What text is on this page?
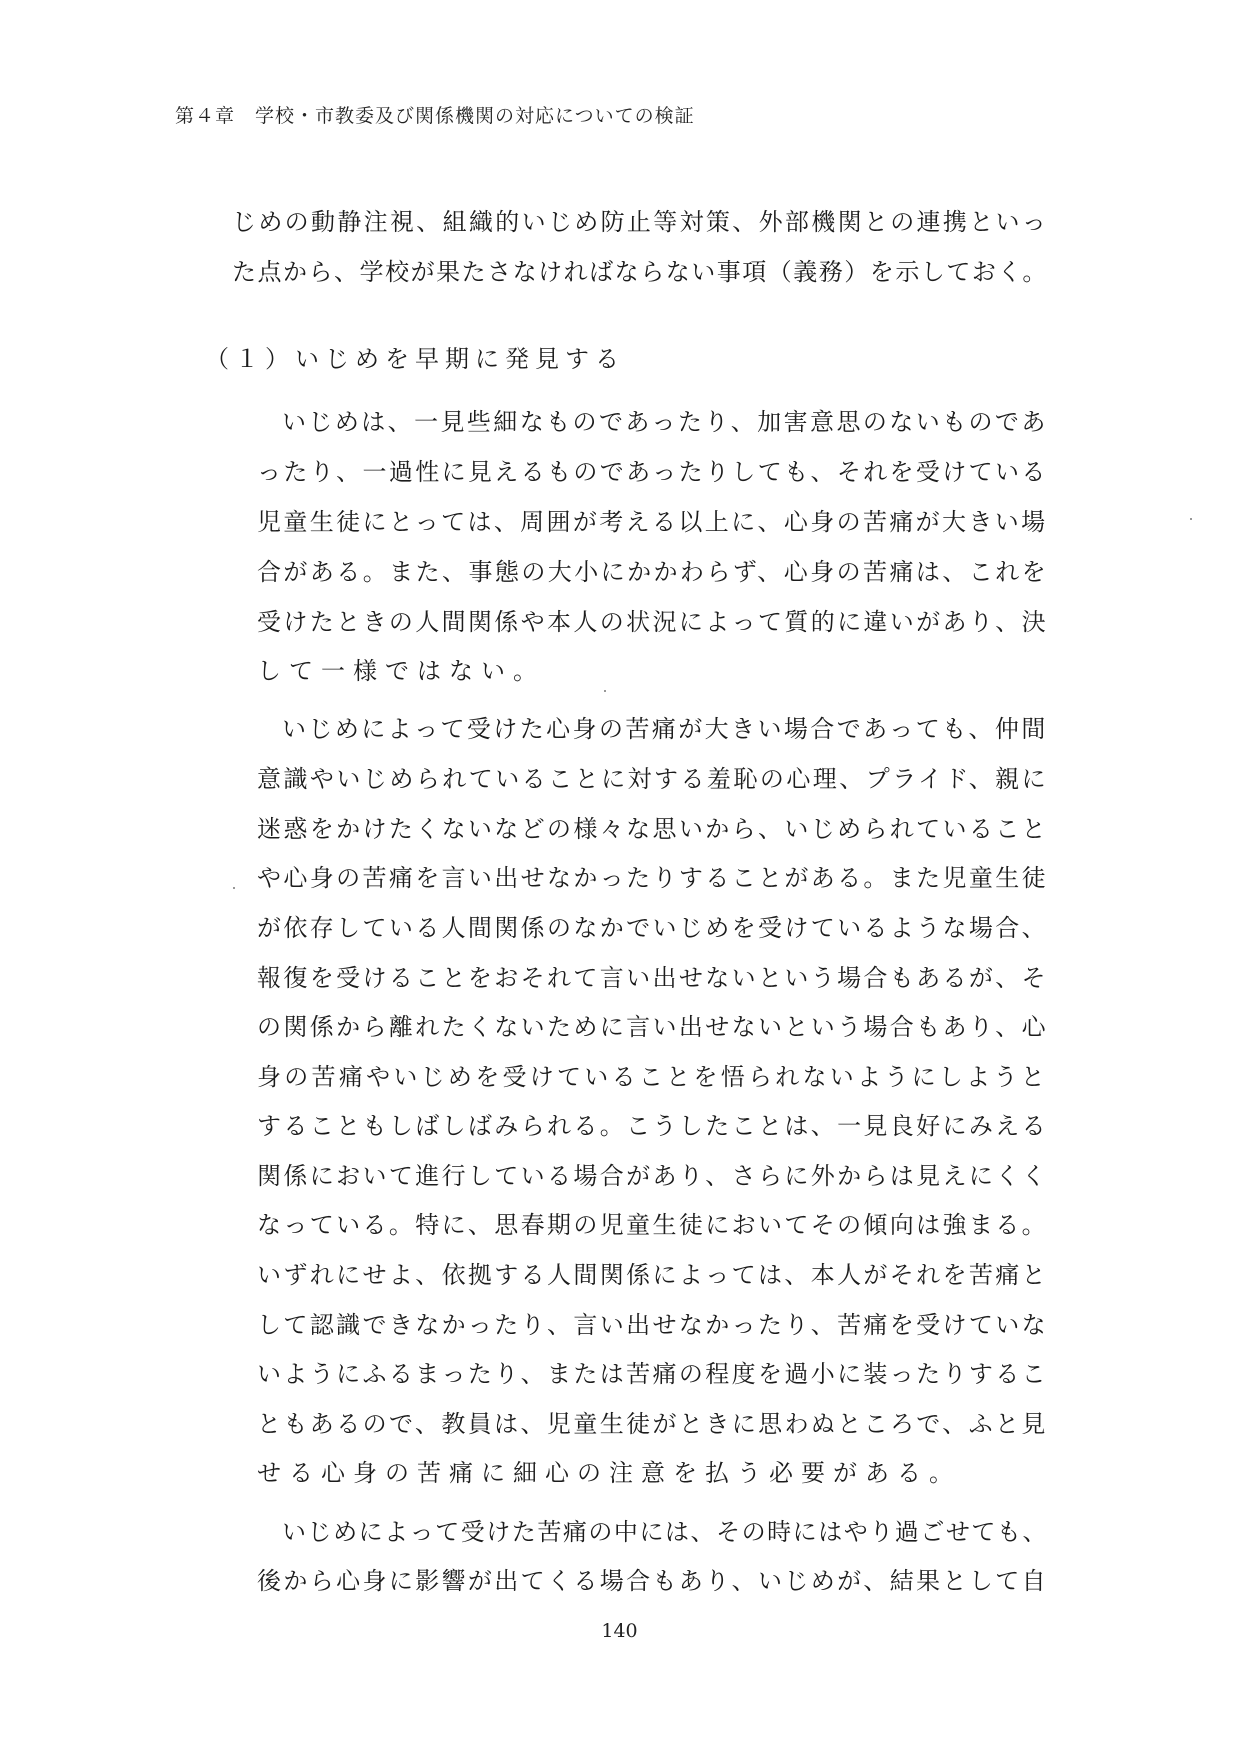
第４章　学校・市教委及び関係機関の対応についての検証
じめの動静注視、組織的いじめ防止等対策、外部機関との連携といっ
た点から、学校が果たさなければならない事項（義務）を示しておく。
（１）いじめを早期に発見する
いじめは、一見些細なものであったり、加害意思のないものであ
ったり、一過性に見えるものであったりしても、それを受けている
児童生徒にとっては、周囲が考える以上に、心身の苦痛が大きい場
合がある。また、事態の大小にかかわらず、心身の苦痛は、これを
受けたときの人間関係や本人の状況によって質的に違いがあり、決
して一様ではない。
いじめによって受けた心身の苦痛が大きい場合であっても、仲間
意識やいじめられていることに対する羞恥の心理、プライド、親に
迷惑をかけたくないなどの様々な思いから、いじめられていること
や心身の苦痛を言い出せなかったりすることがある。また児童生徒
が依存している人間関係のなかでいじめを受けているような場合、
報復を受けることをおそれて言い出せないという場合もあるが、そ
の関係から離れたくないために言い出せないという場合もあり、心
身の苦痛やいじめを受けていることを悟られないようにしようと
することもしばしばみられる。こうしたことは、一見良好にみえる
関係において進行している場合があり、さらに外からは見えにくく
なっている。特に、思春期の児童生徒においてその傾向は強まる。
いずれにせよ、依拠する人間関係によっては、本人がそれを苦痛と
して認識できなかったり、言い出せなかったり、苦痛を受けていな
いようにふるまったり、または苦痛の程度を過小に装ったりするこ
ともあるので、教員は、児童生徒がときに思わぬところで、ふと見
せる心身の苦痛に細心の注意を払う必要がある。
いじめによって受けた苦痛の中には、その時にはやり過ごせても、
後から心身に影響が出てくる場合もあり、いじめが、結果として自
140
